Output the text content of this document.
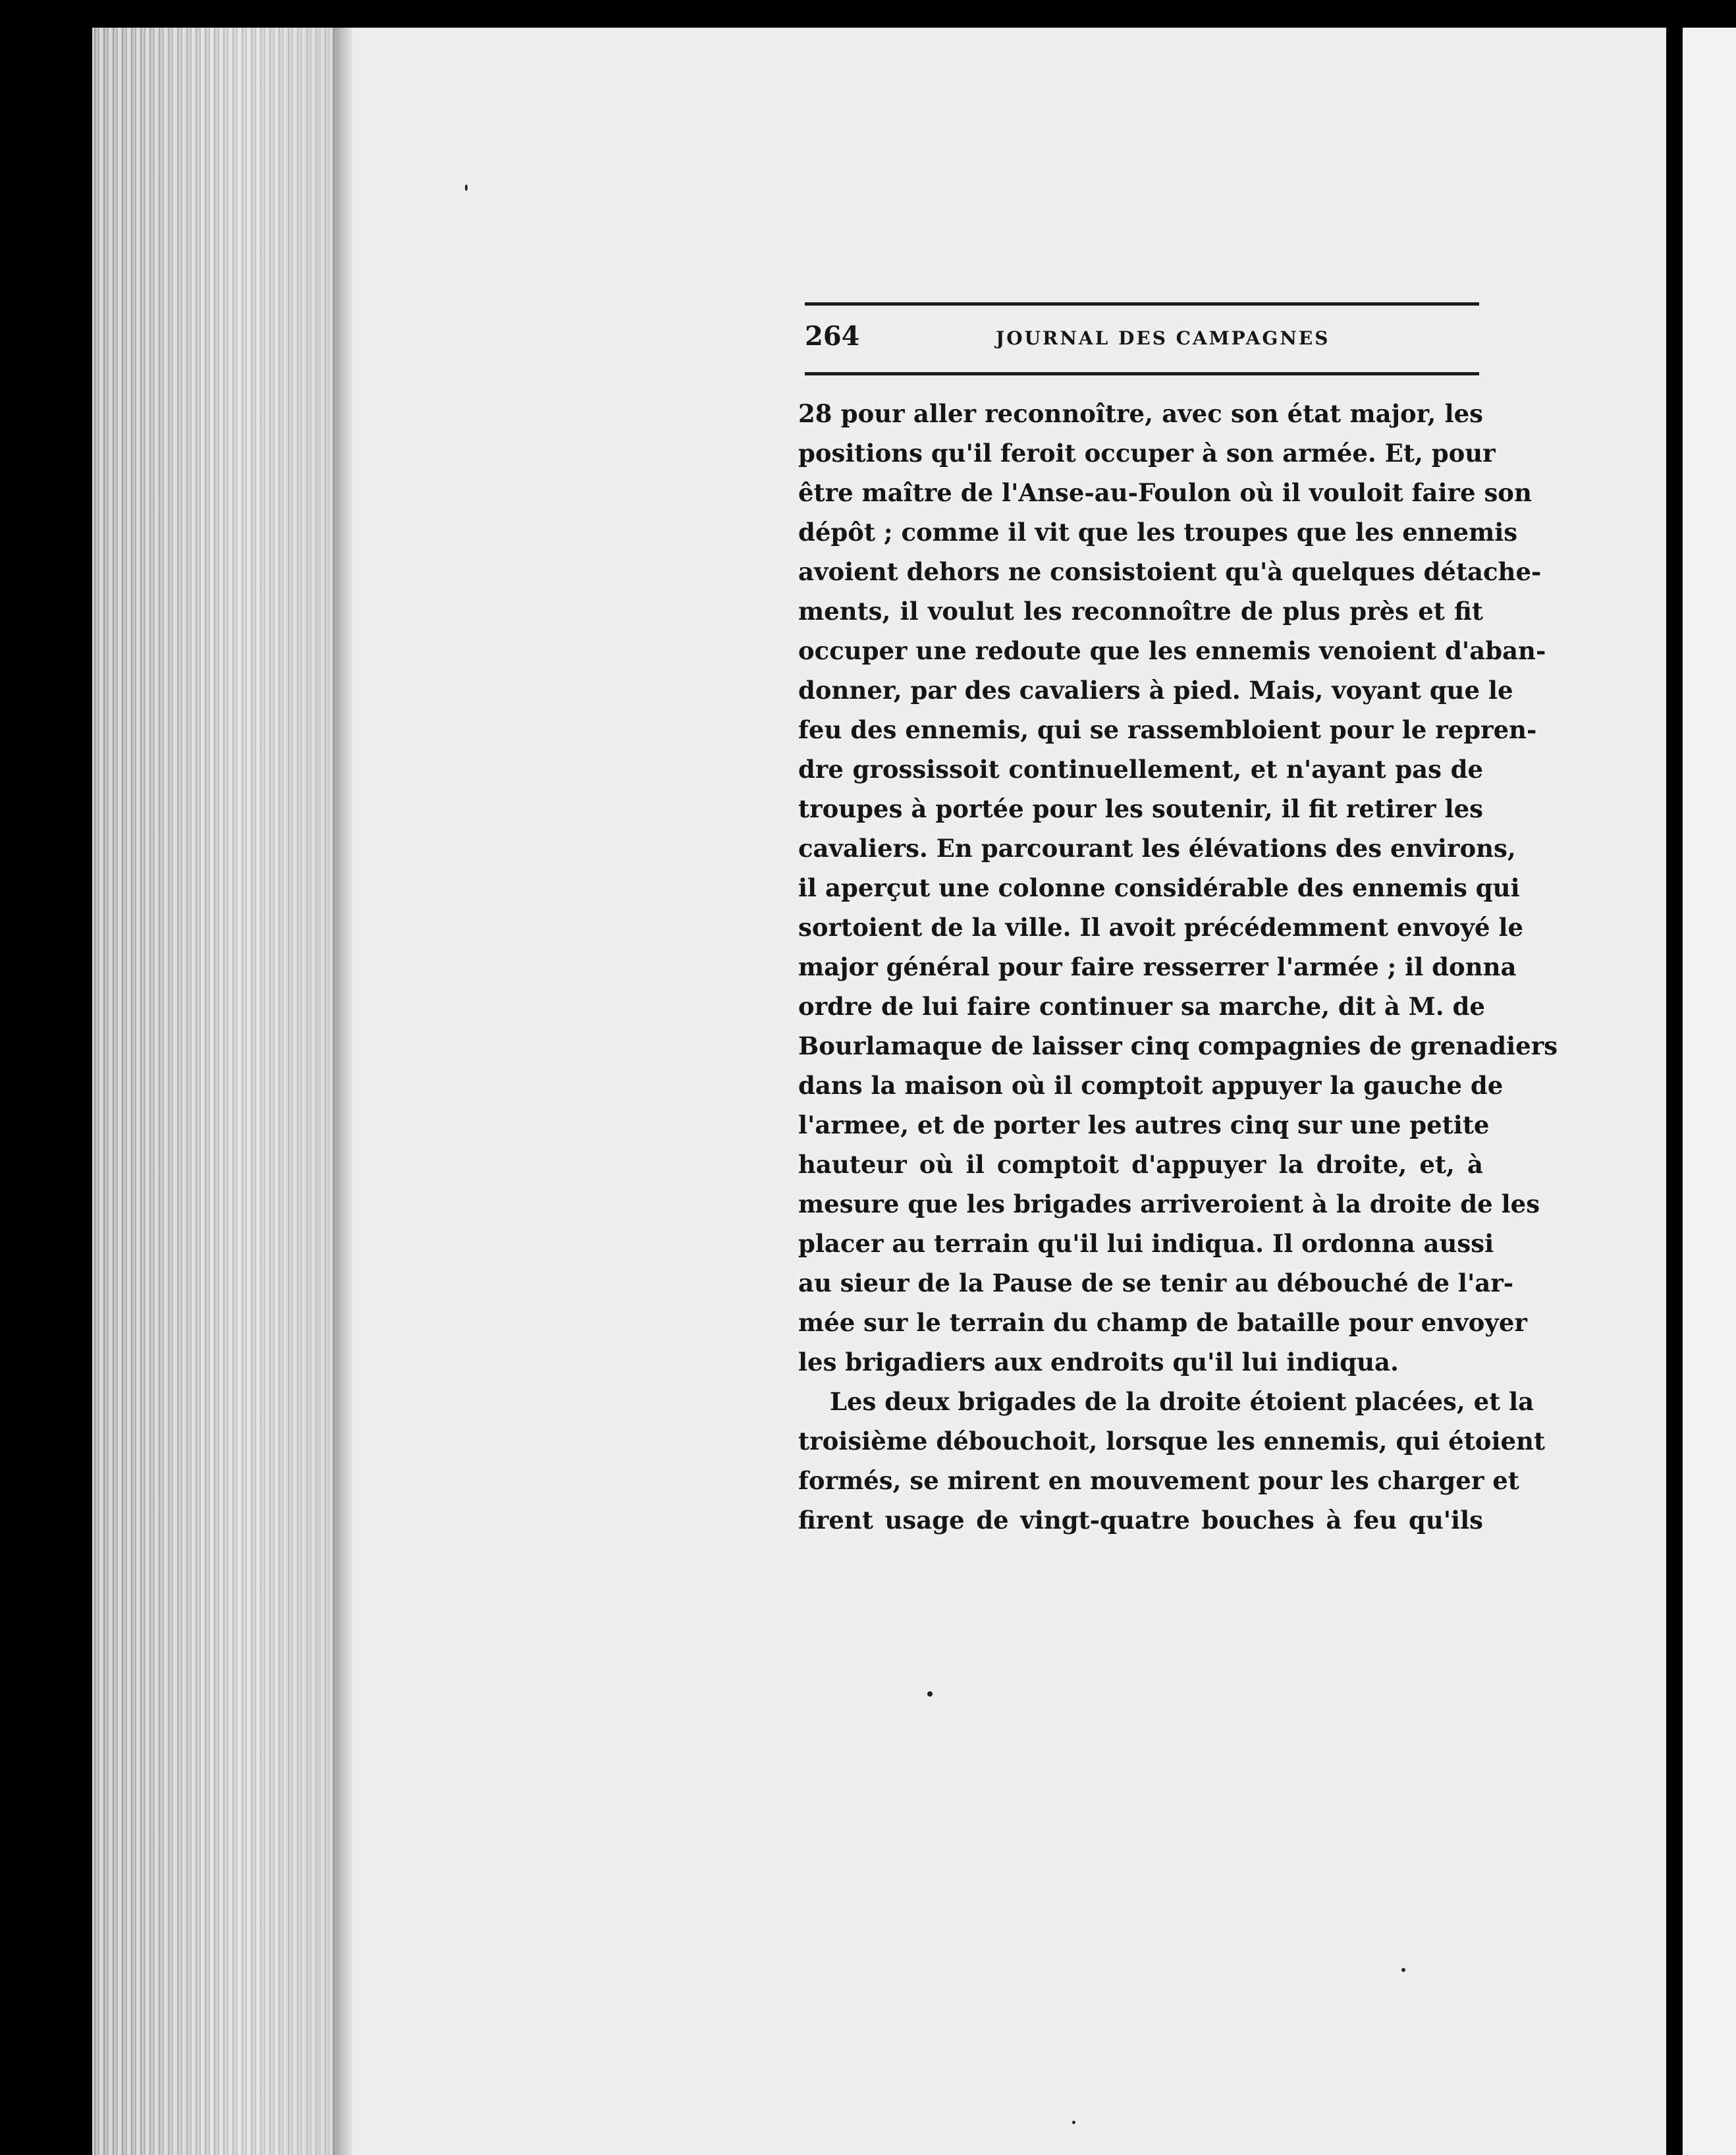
264	JOURNAL DES CAMPAGNES
28 pour aller reconnoître, avec son état major, les
positions qu'il feroit occuper à son armée. Et, pour
être maître de l'Anse-au-Foulon où il vouloit faire son
dépôt ; comme il vit que les troupes que les ennemis
avoient dehors ne consistoient qu'à quelques détache-
ments, il voulut les reconnoître de plus près et fit
occuper une redoute que les ennemis venoient d'aban-
donner, par des cavaliers à pied. Mais, voyant que le
feu des ennemis, qui se rassembloient pour le repren-
dre grossissoit continuellement, et n'ayant pas de
troupes à portée pour les soutenir, il fit retirer les
cavaliers. En parcourant les élévations des environs,
il aperçut une colonne considérable des ennemis qui
sortoient de la ville. Il avoit précédemment envoyé le
major général pour faire resserrer l'armée ; il donna
ordre de lui faire continuer sa marche, dit à M. de
Bourlamaque de laisser cinq compagnies de grenadiers
dans la maison où il comptoit appuyer la gauche de
l'armee, et de porter les autres cinq sur une petite
hauteur où il comptoit d'appuyer la droite, et, à
mesure que les brigades arriveroient à la droite de les
placer au terrain qu'il lui indiqua. Il ordonna aussi
au sieur de la Pause de se tenir au débouché de l'ar-
mée sur le terrain du champ de bataille pour envoyer
les brigadiers aux endroits qu'il lui indiqua.
Les deux brigades de la droite étoient placées, et la
troisième débouchoit, lorsque les ennemis, qui étoient
formés, se mirent en mouvement pour les charger et
firent usage de vingt-quatre bouches à feu qu'ils
